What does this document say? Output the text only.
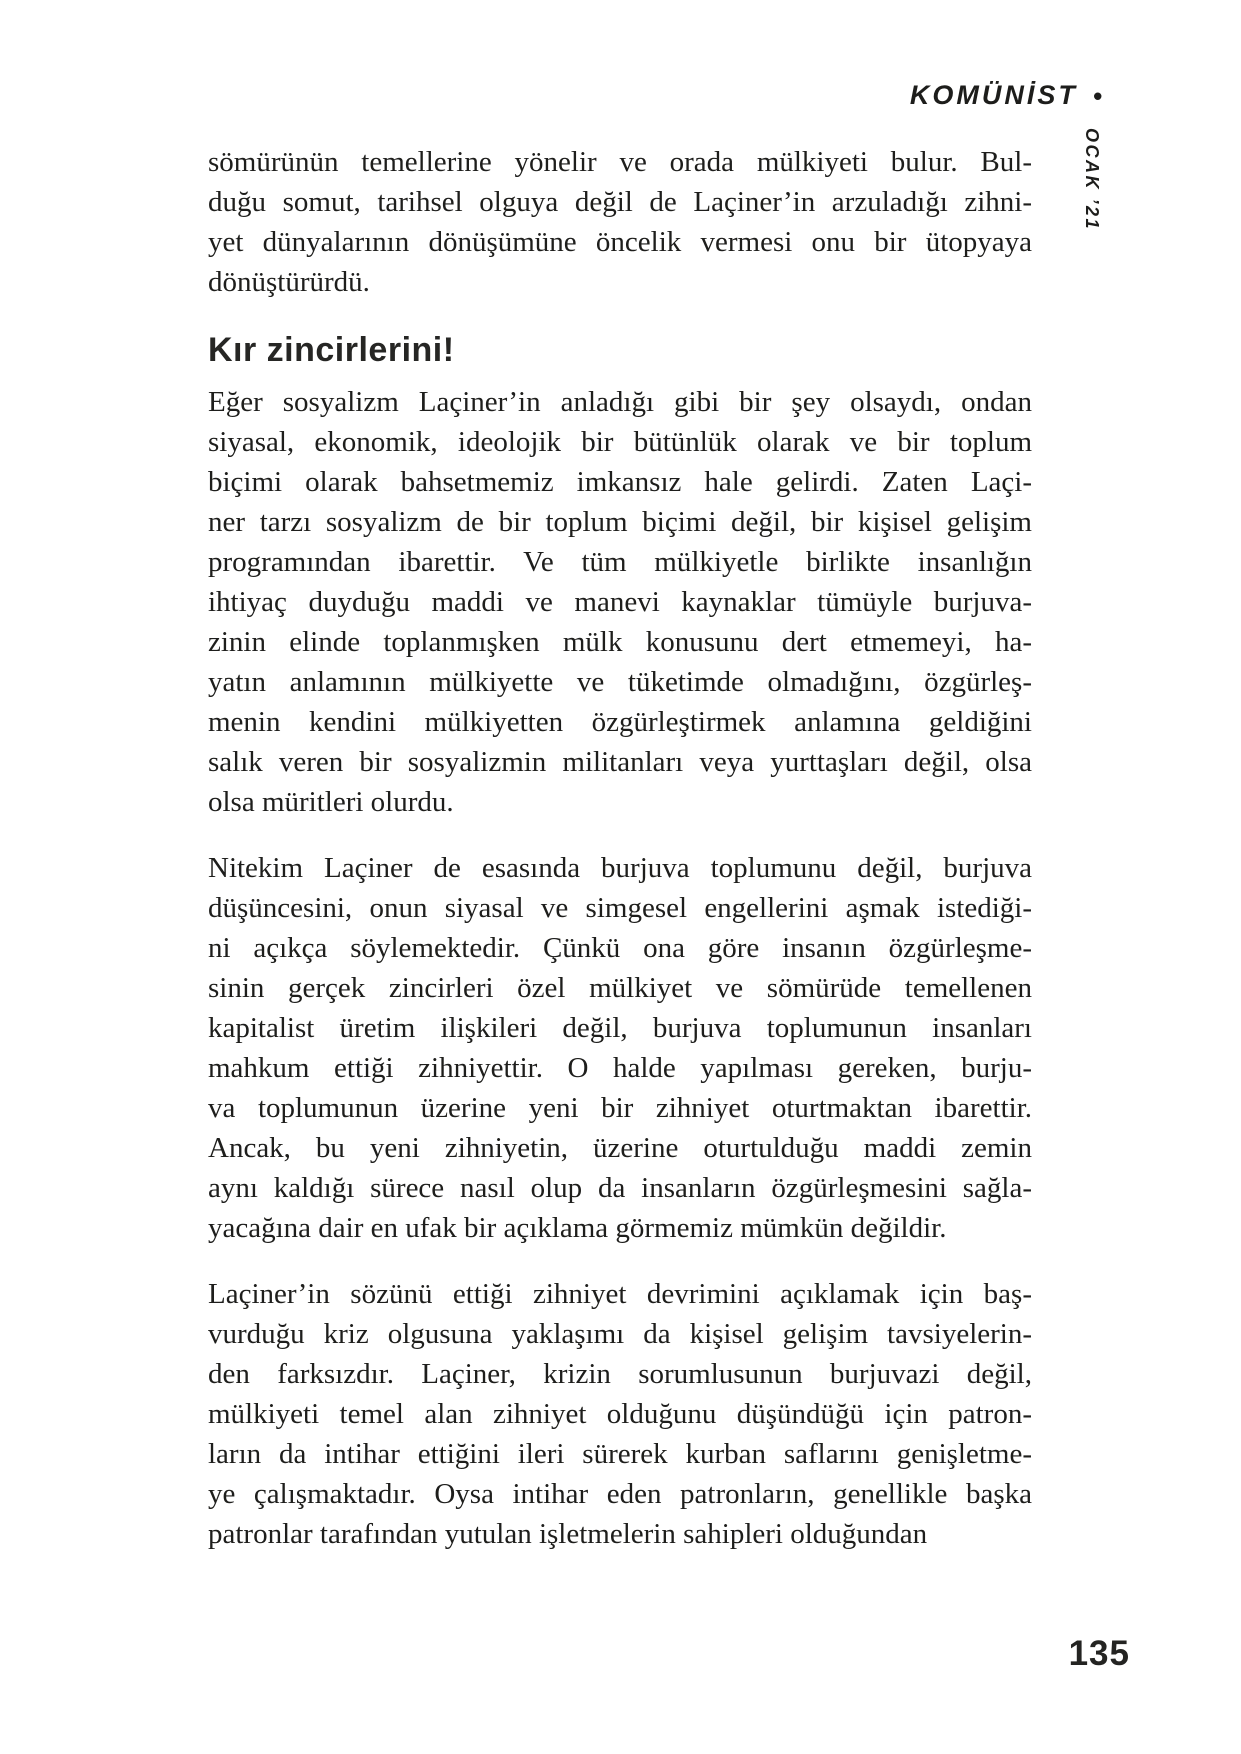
KOMÜNİST •
OCAK ’21

sömürünün temellerine yönelir ve orada mülkiyeti bulur. Bul-
duğu somut, tarihsel olguya değil de Laçiner’in arzuladığı zihni-
yet dünyalarının dönüşümüne öncelik vermesi onu bir ütopyaya
dönüştürürdü.

Kır zincirlerini!

Eğer sosyalizm Laçiner’in anladığı gibi bir şey olsaydı, ondan
siyasal, ekonomik, ideolojik bir bütünlük olarak ve bir toplum
biçimi olarak bahsetmemiz imkansız hale gelirdi. Zaten Laçi-
ner tarzı sosyalizm de bir toplum biçimi değil, bir kişisel gelişim
programından ibarettir. Ve tüm mülkiyetle birlikte insanlığın
ihtiyaç duyduğu maddi ve manevi kaynaklar tümüyle burjuva-
zinin elinde toplanmışken mülk konusunu dert etmemeyi, ha-
yatın anlamının mülkiyette ve tüketimde olmadığını, özgürleş-
menin kendini mülkiyetten özgürleştirmek anlamına geldiğini
salık veren bir sosyalizmin militanları veya yurttaşları değil, olsa
olsa müritleri olurdu.

Nitekim Laçiner de esasında burjuva toplumunu değil, burjuva
düşüncesini, onun siyasal ve simgesel engellerini aşmak istediği-
ni açıkça söylemektedir. Çünkü ona göre insanın özgürleşme-
sinin gerçek zincirleri özel mülkiyet ve sömürüde temellenen
kapitalist üretim ilişkileri değil, burjuva toplumunun insanları
mahkum ettiği zihniyettir. O halde yapılması gereken, burju-
va toplumunun üzerine yeni bir zihniyet oturtmaktan ibarettir.
Ancak, bu yeni zihniyetin, üzerine oturtulduğu maddi zemin
aynı kaldığı sürece nasıl olup da insanların özgürleşmesini sağla-
yacağına dair en ufak bir açıklama görmemiz mümkün değildir.

Laçiner’in sözünü ettiği zihniyet devrimini açıklamak için baş-
vurduğu kriz olgusuna yaklaşımı da kişisel gelişim tavsiyelerin-
den farksızdır. Laçiner, krizin sorumlusunun burjuvazi değil,
mülkiyeti temel alan zihniyet olduğunu düşündüğü için patron-
ların da intihar ettiğini ileri sürerek kurban saflarını genişletme-
ye çalışmaktadır. Oysa intihar eden patronların, genellikle başka
patronlar tarafından yutulan işletmelerin sahipleri olduğundan

135
